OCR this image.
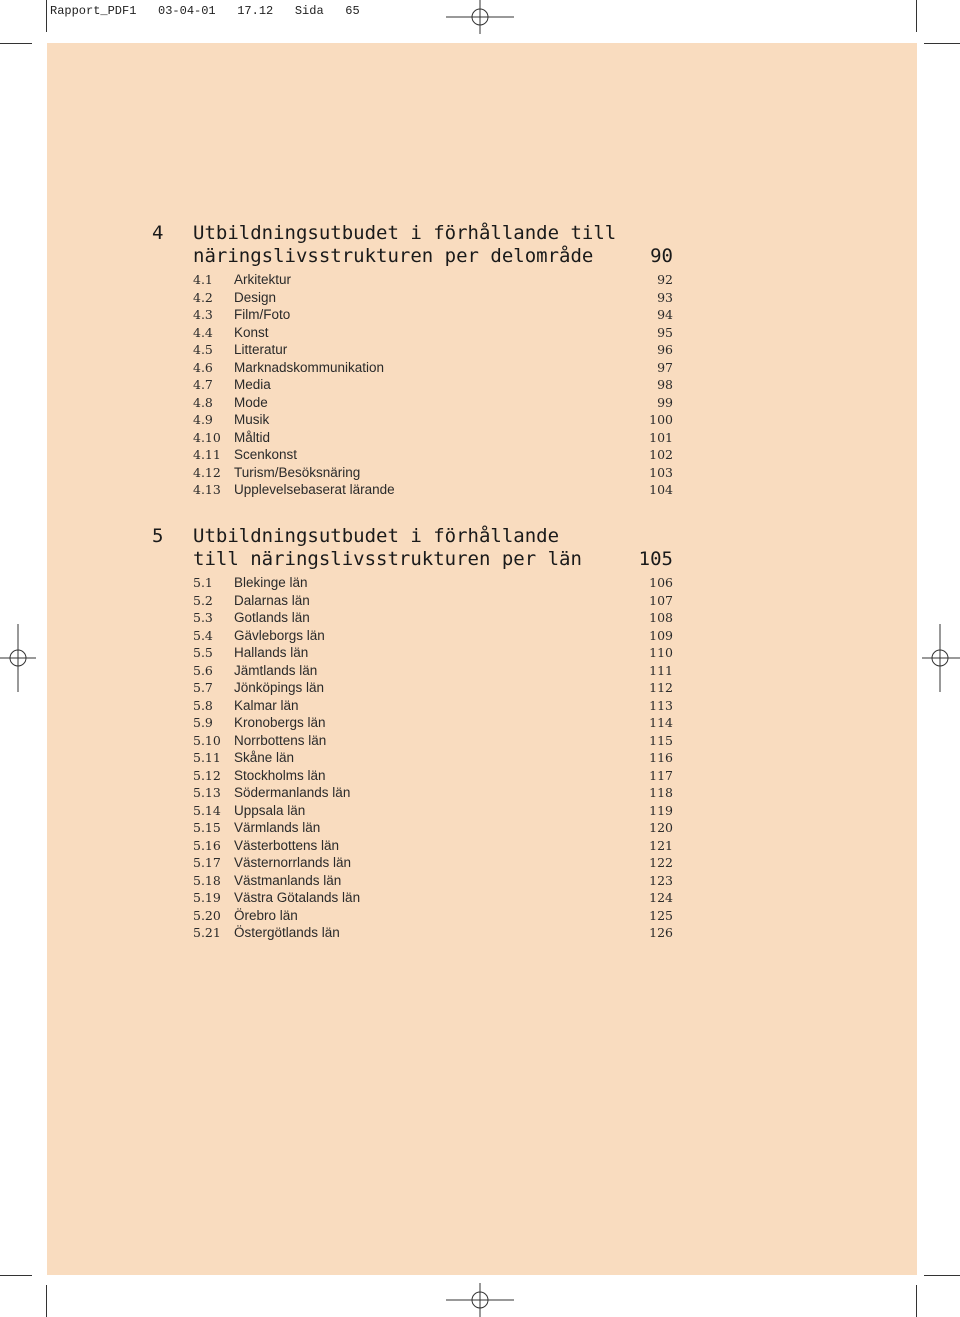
Rapport_PDF1   03-04-01   17.12   Sida   65
4 Utbildningsutbudet i förhållande till
näringslivsstrukturen per delområde	90
4.1 Arkitektur	92
4.2 Design	93
4.3 Film/Foto	94
4.4 Konst	95
4.5 Litteratur	96
4.6 Marknadskommunikation	97
4.7 Media	98
4.8 Mode	99
4.9 Musik	100
4.10 Måltid	101
4.11 Scenkonst	102
4.12 Turism/Besöksnäring	103
4.13 Upplevelsebaserat lärande	104
5 Utbildningsutbudet i förhållande
till näringslivsstrukturen per län	105
5.1 Blekinge län	106
5.2 Dalarnas län	107
5.3 Gotlands län	108
5.4 Gävleborgs län	109
5.5 Hallands län	110
5.6 Jämtlands län	111
5.7 Jönköpings län	112
5.8 Kalmar län	113
5.9 Kronobergs län	114
5.10 Norrbottens län	115
5.11 Skåne län	116
5.12 Stockholms län	117
5.13 Södermanlands län	118
5.14 Uppsala län	119
5.15 Värmlands län	120
5.16 Västerbottens län	121
5.17 Västernorrlands län	122
5.18 Västmanlands län	123
5.19 Västra Götalands län	124
5.20 Örebro län	125
5.21 Östergötlands län	126
